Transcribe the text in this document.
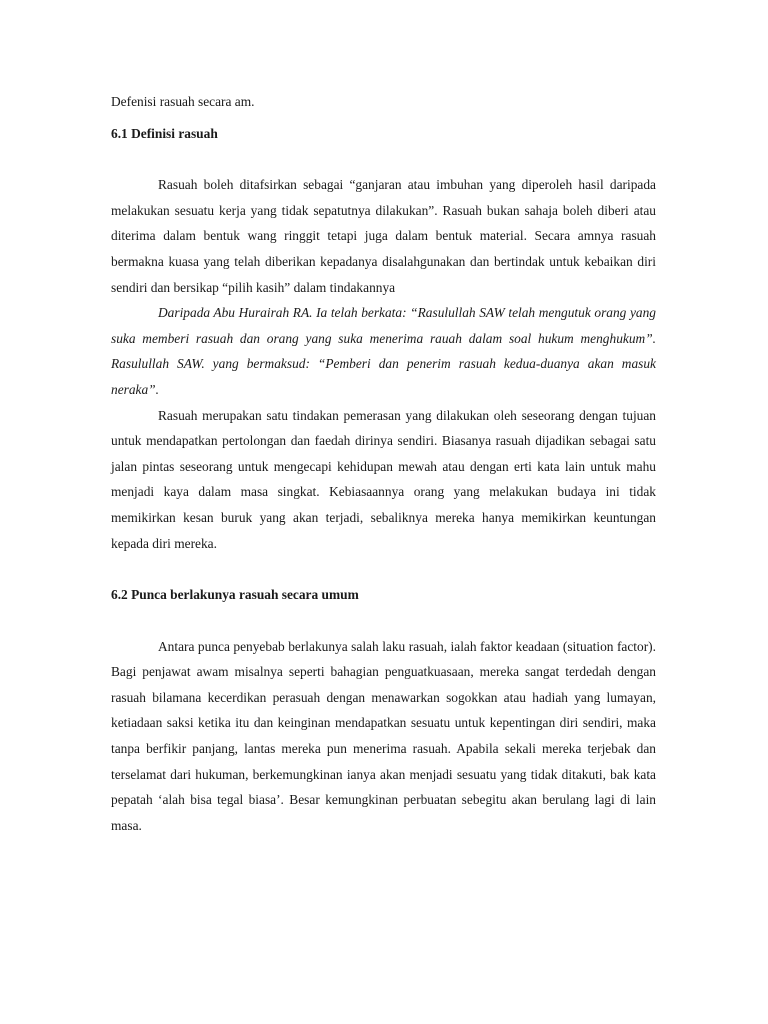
Defenisi rasuah secara am.

6.1 Definisi rasuah

Rasuah boleh ditafsirkan sebagai “ganjaran atau imbuhan yang diperoleh hasil daripada melakukan sesuatu kerja yang tidak sepatutnya dilakukan”. Rasuah bukan sahaja boleh diberi atau diterima dalam bentuk wang ringgit tetapi juga dalam bentuk material. Secara amnya rasuah bermakna kuasa yang telah diberikan kepadanya disalahgunakan dan bertindak untuk kebaikan diri sendiri dan bersikap “pilih kasih” dalam tindakannya

Daripada Abu Hurairah RA. Ia telah berkata: “Rasulullah SAW telah mengutuk orang yang suka memberi rasuah dan orang yang suka menerima rauah dalam soal hukum menghukum”. Rasulullah SAW. yang bermaksud: “Pemberi dan penerim rasuah kedua-duanya akan masuk neraka”.

Rasuah merupakan satu tindakan pemerasan yang dilakukan oleh seseorang dengan tujuan untuk mendapatkan pertolongan dan faedah dirinya sendiri. Biasanya rasuah dijadikan sebagai satu jalan pintas seseorang untuk mengecapi kehidupan mewah atau dengan erti kata lain untuk mahu menjadi kaya dalam masa singkat. Kebiasaannya orang yang melakukan budaya ini tidak memikirkan kesan buruk yang akan terjadi, sebaliknya mereka hanya memikirkan keuntungan kepada diri mereka.

6.2 Punca berlakunya rasuah secara umum

Antara punca penyebab berlakunya salah laku rasuah, ialah faktor keadaan (situation factor). Bagi penjawat awam misalnya seperti bahagian penguatkuasaan, mereka sangat terdedah dengan rasuah bilamana kecerdikan perasuah dengan menawarkan sogokkan atau hadiah yang lumayan, ketiadaan saksi ketika itu dan keinginan mendapatkan sesuatu untuk kepentingan diri sendiri, maka tanpa berfikir panjang, lantas mereka pun menerima rasuah. Apabila sekali mereka terjebak dan terselamat dari hukuman, berkemungkinan ianya akan menjadi sesuatu yang tidak ditakuti, bak kata pepatah ‘alah bisa tegal biasa’. Besar kemungkinan perbuatan sebegitu akan berulang lagi di lain masa.
